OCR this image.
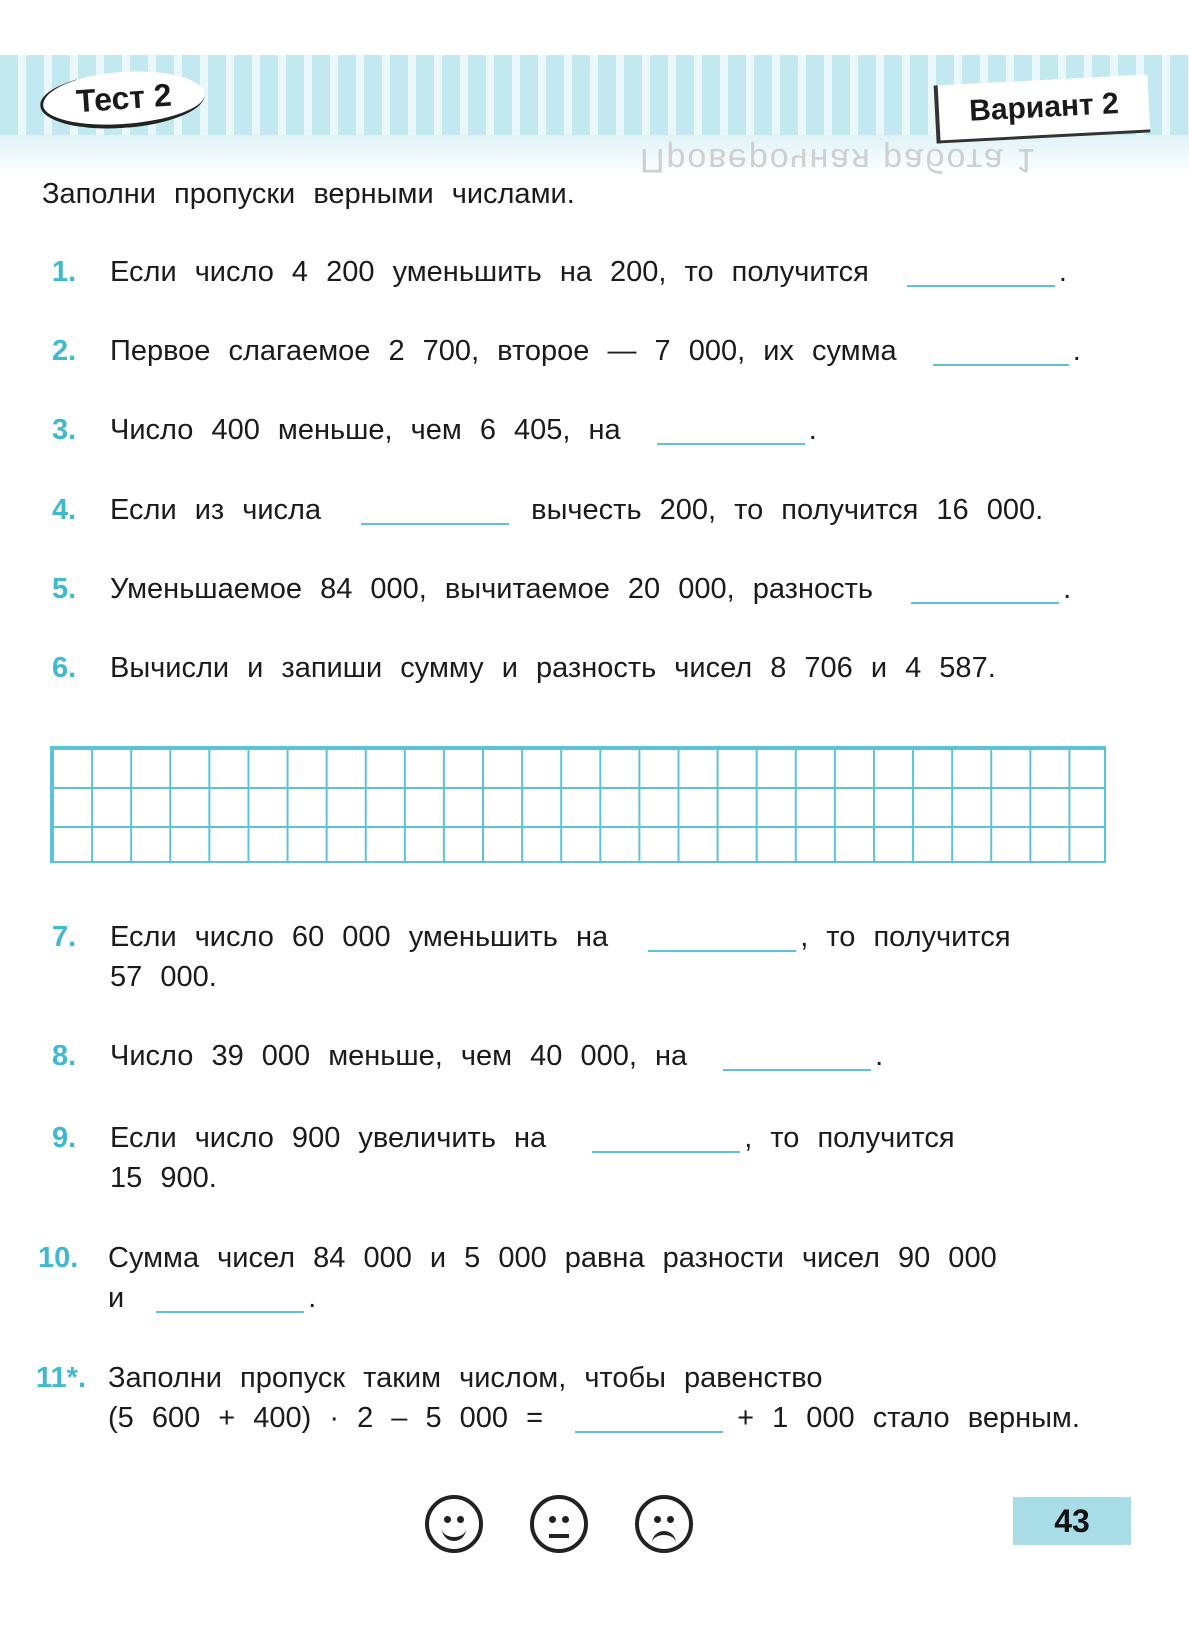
Проверочная работа 1
Тест 2	Вариант 2
Заполни пропуски верными числами.
1. Если число 4 200 уменьшить на 200, то получится	.
2. Первое слагаемое 2 700, второе — 7 000, их сумма	.
3. Число 400 меньше, чем 6 405, на	.
4. Если из числа	вычесть 200, то получится 16 000.
5. Уменьшаемое 84 000, вычитаемое 20 000, разность	.
6. Вычисли и запиши сумму и разность чисел 8 706 и 4 587.
7. Если число 60 000 уменьшить на	, то получится
57 000.
8. Число 39 000 меньше, чем 40 000, на	.
9. Если число 900 увеличить на	, то получится
15 900.
10. Сумма чисел 84 000 и 5 000 равна разности чисел 90 000
и	.
11*. Заполни пропуск таким числом, чтобы равенство
(5 600 + 400) · 2 – 5 000 =	+ 1 000 стало верным.
43
